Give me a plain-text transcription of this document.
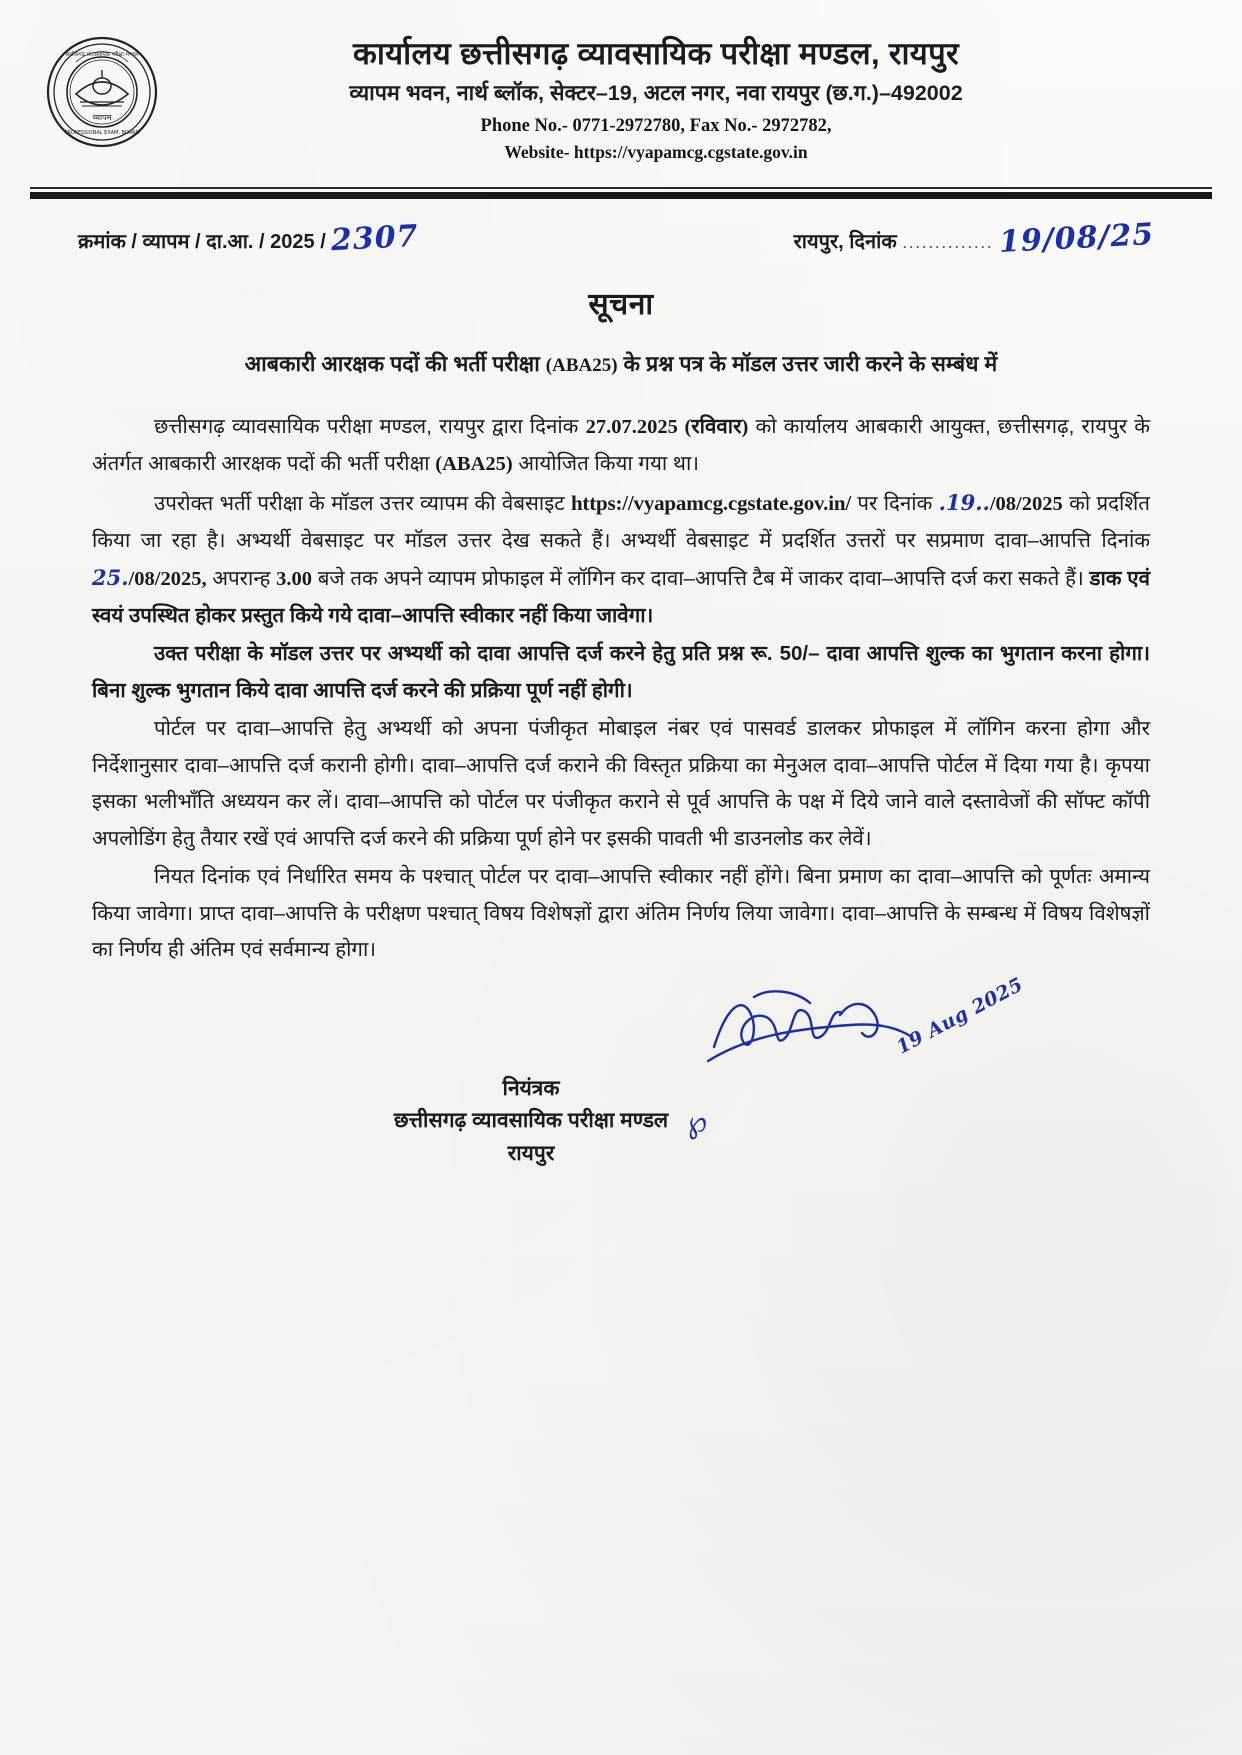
छत्तीसगढ़ व्यावसायिक परीक्षा मण्डल
व्यापम
PROFESSIONAL EXAM. BOARD
कार्यालय छत्तीसगढ़ व्यावसायिक परीक्षा मण्डल, रायपुर
व्यापम भवन, नार्थ ब्लॉक, सेक्टर–19, अटल नगर, नवा रायपुर (छ.ग.)–492002
Phone No.- 0771-2972780, Fax No.- 2972782,
Website- https://vyapamcg.cgstate.gov.in
क्रमांक / व्यापम / दा.आ. / 2025 / 2307	रायपुर, दिनांक .............. 19/08/25
सूचना
आबकारी आरक्षक पदों की भर्ती परीक्षा (ABA25) के प्रश्न पत्र के मॉडल उत्तर जारी करने के सम्बंध में

छत्तीसगढ़ व्यावसायिक परीक्षा मण्डल, रायपुर द्वारा दिनांक 27.07.2025 (रविवार) को कार्यालय आबकारी आयुक्त, छत्तीसगढ़, रायपुर के अंतर्गत आबकारी आरक्षक पदों की भर्ती परीक्षा (ABA25) आयोजित किया गया था।

उपरोक्त भर्ती परीक्षा के मॉडल उत्तर व्यापम की वेबसाइट https://vyapamcg.cgstate.gov.in/ पर दिनांक .19../08/2025 को प्रदर्शित किया जा रहा है। अभ्यर्थी वेबसाइट पर मॉडल उत्तर देख सकते हैं। अभ्यर्थी वेबसाइट में प्रदर्शित उत्तरों पर सप्रमाण दावा–आपत्ति दिनांक 25./08/2025, अपरान्ह 3.00 बजे तक अपने व्यापम प्रोफाइल में लॉगिन कर दावा–आपत्ति टैब में जाकर दावा–आपत्ति दर्ज करा सकते हैं। डाक एवं स्वयं उपस्थित होकर प्रस्तुत किये गये दावा–आपत्ति स्वीकार नहीं किया जावेगा।

उक्त परीक्षा के मॉडल उत्तर पर अभ्यर्थी को दावा आपत्ति दर्ज करने हेतु प्रति प्रश्न रू. 50/– दावा आपत्ति शुल्क का भुगतान करना होगा। बिना शुल्क भुगतान किये दावा आपत्ति दर्ज करने की प्रक्रिया पूर्ण नहीं होगी।

पोर्टल पर दावा–आपत्ति हेतु अभ्यर्थी को अपना पंजीकृत मोबाइल नंबर एवं पासवर्ड डालकर प्रोफाइल में लॉगिन करना होगा और निर्देशानुसार दावा–आपत्ति दर्ज करानी होगी। दावा–आपत्ति दर्ज कराने की विस्तृत प्रक्रिया का मेनुअल दावा–आपत्ति पोर्टल में दिया गया है। कृपया इसका भलीभाँति अध्ययन कर लें। दावा–आपत्ति को पोर्टल पर पंजीकृत कराने से पूर्व आपत्ति के पक्ष में दिये जाने वाले दस्तावेजों की सॉफ्ट कॉपी अपलोडिंग हेतु तैयार रखें एवं आपत्ति दर्ज करने की प्रक्रिया पूर्ण होने पर इसकी पावती भी डाउनलोड कर लेवें।

नियत दिनांक एवं निर्धारित समय के पश्चात् पोर्टल पर दावा–आपत्ति स्वीकार नहीं होंगे। बिना प्रमाण का दावा–आपत्ति को पूर्णतः अमान्य किया जावेगा। प्राप्त दावा–आपत्ति के परीक्षण पश्चात् विषय विशेषज्ञों द्वारा अंतिम निर्णय लिया जावेगा। दावा–आपत्ति के सम्बन्ध में विषय विशेषज्ञों का निर्णय ही अंतिम एवं सर्वमान्य होगा।

19 Aug 2025
℘
नियंत्रक
छत्तीसगढ़ व्यावसायिक परीक्षा मण्डल
रायपुर
